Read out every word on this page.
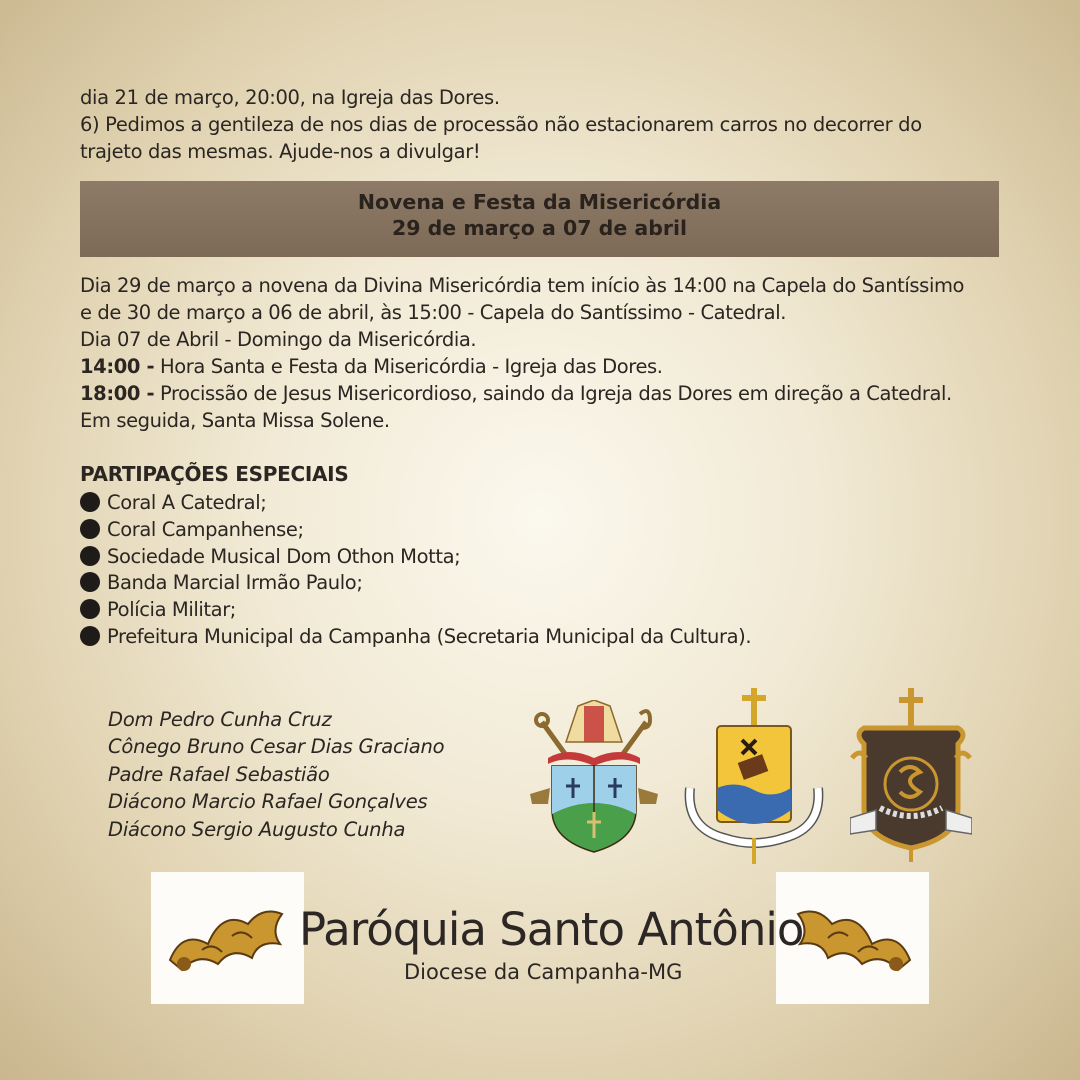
dia 21 de março, 20:00, na Igreja das Dores.
6) Pedimos a gentileza de nos dias de processão não estacionarem carros no decorrer do
trajeto das mesmas. Ajude-nos a divulgar!
Novena e Festa da Misericórdia
29 de março a 07 de abril
Dia 29 de março a novena da Divina Misericórdia tem início às 14:00 na Capela do Santíssimo
e de 30 de março a 06 de abril, às 15:00 - Capela do Santíssimo - Catedral.
Dia 07 de Abril - Domingo da Misericórdia.
14:00 - Hora Santa e Festa da Misericórdia - Igreja das Dores.
18:00 - Procissão de Jesus Misericordioso, saindo da Igreja das Dores em direção a Catedral.
Em seguida, Santa Missa Solene.
PARTIPAÇÕES ESPECIAIS
Coral A Catedral;
Coral Campanhense;
Sociedade Musical Dom Othon Motta;
Banda Marcial Irmão Paulo;
Polícia Militar;
Prefeitura Municipal da Campanha (Secretaria Municipal da Cultura).
Dom Pedro Cunha Cruz
Cônego Bruno Cesar Dias Graciano
Padre Rafael Sebastião
Diácono Marcio Rafael Gonçalves
Diácono Sergio Augusto Cunha
Paróquia Santo Antônio
Diocese da Campanha-MG
